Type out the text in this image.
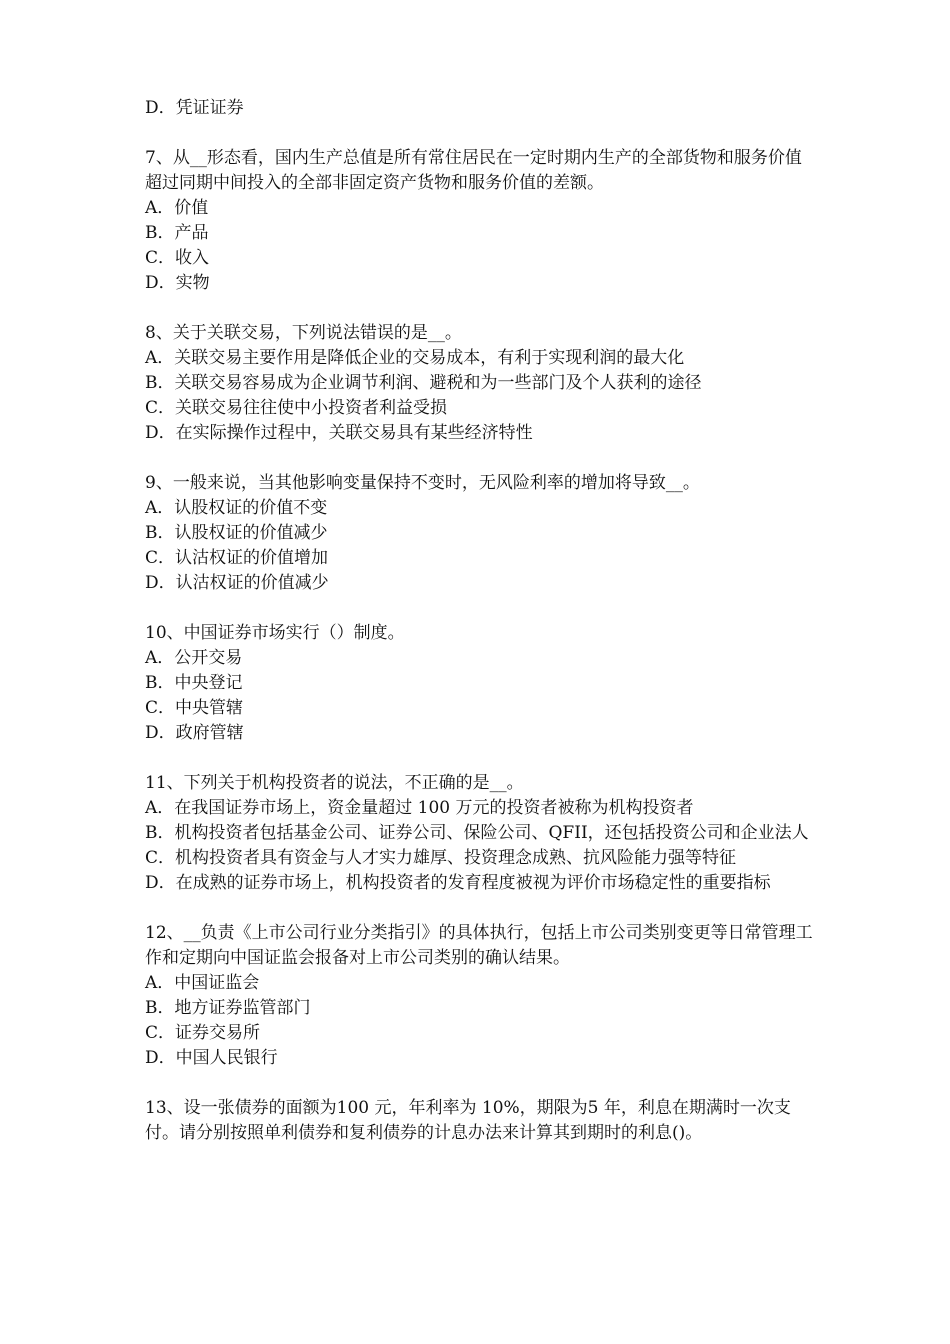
D．凭证证券
7、从__形态看，国内生产总值是所有常住居民在一定时期内生产的全部货物和服务价值超过同期中间投入的全部非固定资产货物和服务价值的差额。
A．价值
B．产品
C．收入
D．实物
8、关于关联交易，下列说法错误的是__。
A．关联交易主要作用是降低企业的交易成本，有利于实现利润的最大化
B．关联交易容易成为企业调节利润、避税和为一些部门及个人获利的途径
C．关联交易往往使中小投资者利益受损
D．在实际操作过程中，关联交易具有某些经济特性
9、一般来说，当其他影响变量保持不变时，无风险利率的增加将导致__。
A．认股权证的价值不变
B．认股权证的价值减少
C．认沽权证的价值增加
D．认沽权证的价值减少
10、中国证券市场实行（）制度。
A．公开交易
B．中央登记
C．中央管辖
D．政府管辖
11、下列关于机构投资者的说法，不正确的是__。
A．在我国证券市场上，资金量超过 100 万元的投资者被称为机构投资者
B．机构投资者包括基金公司、证券公司、保险公司、QFII，还包括投资公司和企业法人
C．机构投资者具有资金与人才实力雄厚、投资理念成熟、抗风险能力强等特征
D．在成熟的证券市场上，机构投资者的发育程度被视为评价市场稳定性的重要指标
12、__负责《上市公司行业分类指引》的具体执行，包括上市公司类别变更等日常管理工作和定期向中国证监会报备对上市公司类别的确认结果。
A．中国证监会
B．地方证券监管部门
C．证券交易所
D．中国人民银行
13、设一张债券的面额为100 元，年利率为 10%，期限为5 年，利息在期满时一次支付。请分别按照单利债券和复利债券的计息办法来计算其到期时的利息()。
